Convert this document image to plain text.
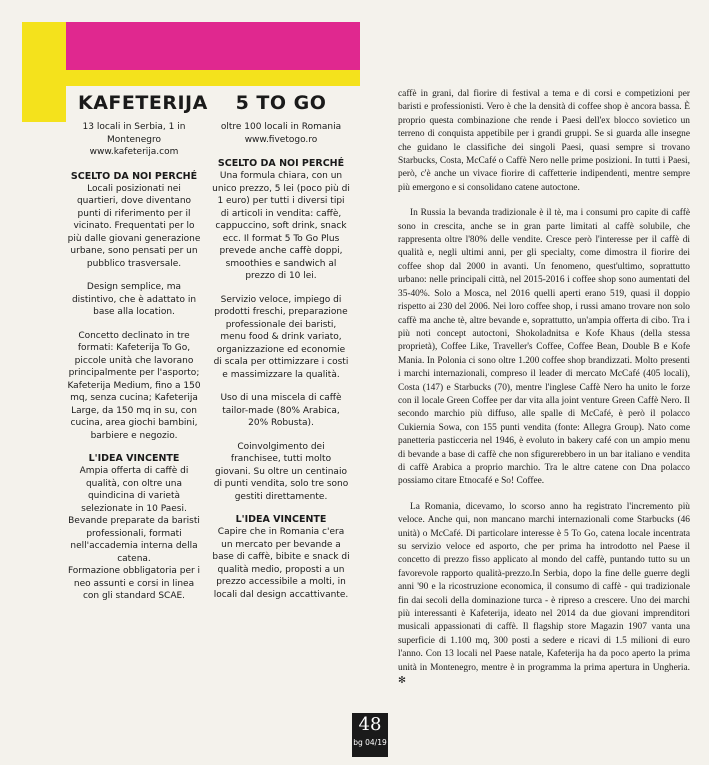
KAFETERIJA
13 locali in Serbia, 1 in Montenegro www.kafeterija.com
SCELTO DA NOI PERCHÉ
Locali posizionati nei quartieri, dove diventano punti di riferimento per il vicinato. Frequentati per lo più dalle giovani generazione urbane, sono pensati per un pubblico trasversale.
Design semplice, ma distintivo, che è adattato in base alla location.
Concetto declinato in tre formati: Kafeterija To Go, piccole unità che lavorano principalmente per l'asporto; Kafeterija Medium, fino a 150 mq, senza cucina; Kafeterija Large, da 150 mq in su, con cucina, area giochi bambini, barbiere e negozio.
L'IDEA VINCENTE
Ampia offerta di caffè di qualità, con oltre una quindicina di varietà selezionate in 10 Paesi.
Bevande preparate da baristi professionali, formati nell'accademia interna della catena.
Formazione obbligatoria per i neo assunti e corsi in linea con gli standard SCAE.
5 TO GO
oltre 100 locali in Romania www.fivetogo.ro
SCELTO DA NOI PERCHÉ
Una formula chiara, con un unico prezzo, 5 lei (poco più di 1 euro) per tutti i diversi tipi di articoli in vendita: caffè, cappuccino, soft drink, snack ecc. Il format 5 To Go Plus prevede anche caffè doppi, smoothies e sandwich al prezzo di 10 lei.
Servizio veloce, impiego di prodotti freschi, preparazione professionale dei baristi, menu food & drink variato, organizzazione ed economie di scala per ottimizzare i costi e massimizzare la qualità.
Uso di una miscela di caffè tailor-made (80% Arabica, 20% Robusta).
Coinvolgimento dei franchisee, tutti molto giovani. Su oltre un centinaio di punti vendita, solo tre sono gestiti direttamente.
L'IDEA VINCENTE
Capire che in Romania c'era un mercato per bevande a base di caffè, bibite e snack di qualità medio, proposti a un prezzo accessibile a molti, in locali dal design accattivante.
48
bg 04/19

caffè in grani, dal fiorire di festival a tema e di corsi e competizioni per baristi e professionisti. Vero è che la densità di coffee shop è ancora bassa. È proprio questa combinazione che rende i Paesi dell'ex blocco sovietico un terreno di conquista appetibile per i grandi gruppi. Se si guarda alle insegne che guidano le classifiche dei singoli Paesi, quasi sempre si trovano Starbucks, Costa, McCafé o Caffè Nero nelle prime posizioni. In tutti i Paesi, però, c'è anche un vivace fiorire di caffetterie indipendenti, mentre sempre più emergono e si consolidano catene autoctone.

In Russia la bevanda tradizionale è il tè, ma i consumi pro capite di caffè sono in crescita, anche se in gran parte limitati al caffè solubile, che rappresenta oltre l'80% delle vendite. Cresce però l'interesse per il caffè di qualità e, negli ultimi anni, per gli specialty, come dimostra il fiorire dei coffee shop dal 2000 in avanti. Un fenomeno, quest'ultimo, soprattutto urbano: nelle principali città, nel 2015-2016 i coffee shop sono aumentati del 35-40%. Solo a Mosca, nel 2016 quelli aperti erano 519, quasi il doppio rispetto ai 230 del 2006. Nei loro coffee shop, i russi amano trovare non solo caffè ma anche tè, altre bevande e, soprattutto, un'ampia offerta di cibo. Tra i più noti concept autoctoni, Shokoladnitsa e Kofe Khaus (della stessa proprietà), Coffee Like, Traveller's Coffee, Coffee Bean, Double B e Kofe Mania. In Polonia ci sono oltre 1.200 coffee shop brandizzati. Molto presenti i marchi internazionali, compreso il leader di mercato McCafé (405 locali), Costa (147) e Starbucks (70), mentre l'inglese Caffè Nero ha unito le forze con il locale Green Coffee per dar vita alla joint venture Green Caffè Nero. Il secondo marchio più diffuso, alle spalle di McCafé, è però il polacco Cukiernia Sowa, con 155 punti vendita (fonte: Allegra Group). Nato come panetteria pasticceria nel 1946, è evoluto in bakery café con un ampio menu di bevande a base di caffè che non sfigurerebbero in un bar italiano e vendita di caffè Arabica a proprio marchio. Tra le altre catene con Dna polacco possiamo citare Etnocafé e So! Coffee.

La Romania, dicevamo, lo scorso anno ha registrato l'incremento più veloce. Anche qui, non mancano marchi internazionali come Starbucks (46 unità) o McCafé. Di particolare interesse è 5 To Go, catena locale incentrata su servizio veloce ed asporto, che per prima ha introdotto nel Paese il concetto di prezzo fisso applicato al mondo del caffè, puntando tutto su un favorevole rapporto qualità-prezzo.In Serbia, dopo la fine delle guerre degli anni '90 e la ricostruzione economica, il consumo di caffè - qui tradizionale fin dai secoli della dominazione turca - è ripreso a crescere. Uno dei marchi più interessanti è Kafeterija, ideato nel 2014 da due giovani imprenditori musicali appassionati di caffè. Il flagship store Magazin 1907 vanta una superficie di 1.100 mq, 300 posti a sedere e ricavi di 1.5 milioni di euro l'anno. Con 13 locali nel Paese natale, Kafeterija ha da poco aperto la prima unità in Montenegro, mentre è in programma la prima apertura in Ungheria. ✻
